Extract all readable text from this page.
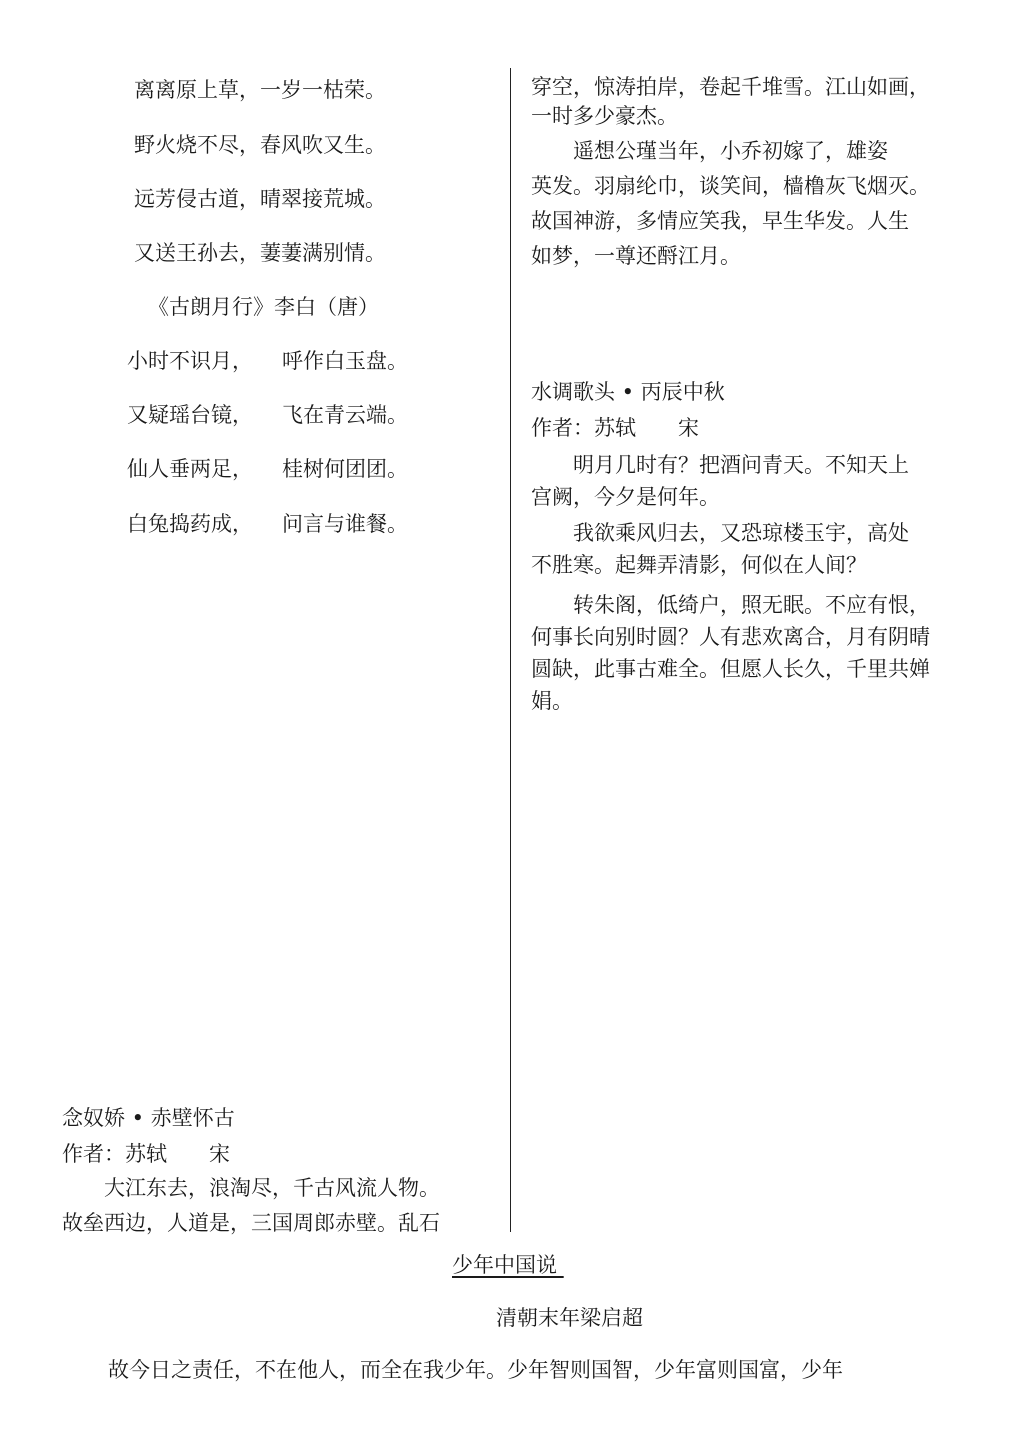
离离原上草，一岁一枯荣。
野火烧不尽，春风吹又生。
远芳侵古道，晴翠接荒城。
又送王孙去，萋萋满别情。
《古朗月行》李白（唐）
小时不识月， 呼作白玉盘。
又疑瑶台镜， 飞在青云端。
仙人垂两足， 桂树何团团。
白兔捣药成， 问言与谁餐。
念奴娇 • 赤壁怀古
作者：苏轼　　宋
　　大江东去，浪淘尽，千古风流人物。
故垒西边，人道是，三国周郎赤壁。乱石
穿空，惊涛拍岸，卷起千堆雪。江山如画，
一时多少豪杰。
　　遥想公瑾当年，小乔初嫁了，雄姿
英发。羽扇纶巾，谈笑间，樯橹灰飞烟灭。
故国神游，多情应笑我，早生华发。人生
如梦，一尊还酹江月。
水调歌头 • 丙辰中秋
作者：苏轼　　宋
　　明月几时有？把酒问青天。不知天上
宫阙，今夕是何年。
　　我欲乘风归去，又恐琼楼玉宇，高处
不胜寒。起舞弄清影，何似在人间？
　　转朱阁，低绮户，照无眠。不应有恨，
何事长向别时圆？人有悲欢离合，月有阴晴
圆缺，此事古难全。但愿人长久，千里共婵
娟。
少年中国说
清朝末年梁启超
故今日之责任，不在他人，而全在我少年。少年智则国智，少年富则国富，少年
